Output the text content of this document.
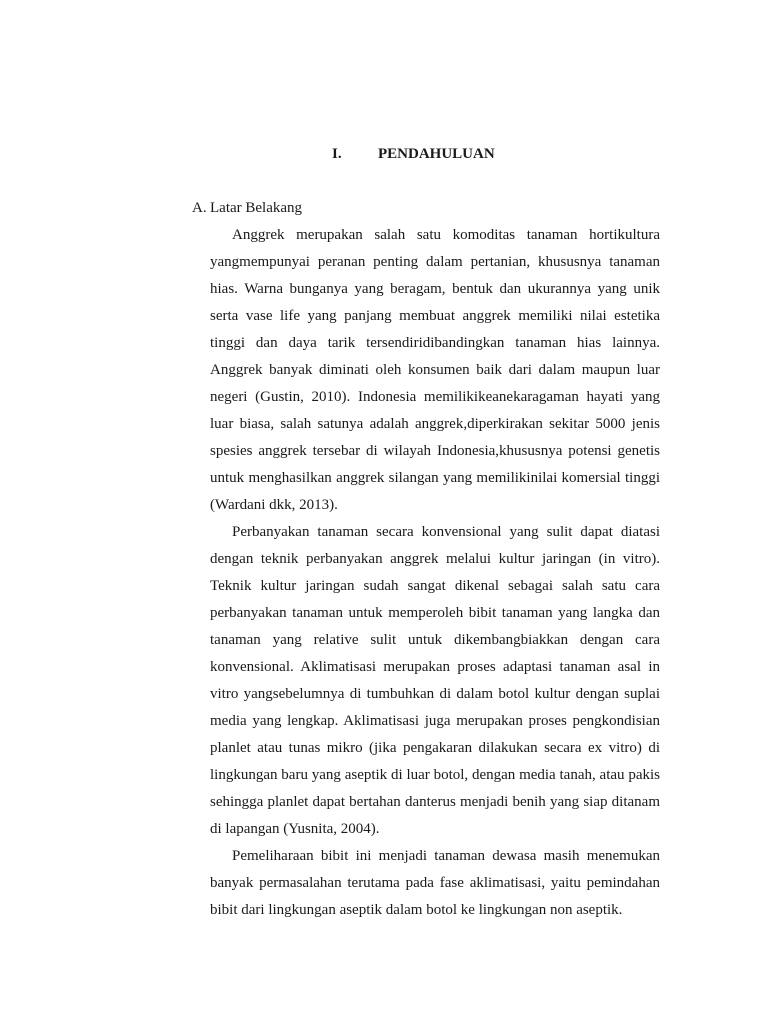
I. PENDAHULUAN
A. Latar Belakang

Anggrek merupakan salah satu komoditas tanaman hortikultura yangmempunyai peranan penting dalam pertanian, khususnya tanaman hias. Warna bunganya yang beragam, bentuk dan ukurannya yang unik serta vase life yang panjang membuat anggrek memiliki nilai estetika tinggi dan daya tarik tersendiridibandingkan tanaman hias lainnya. Anggrek banyak diminati oleh konsumen baik dari dalam maupun luar negeri (Gustin, 2010). Indonesia memilikikeanekaragaman hayati yang luar biasa, salah satunya adalah anggrek,diperkirakan sekitar 5000 jenis spesies anggrek tersebar di wilayah Indonesia,khususnya potensi genetis untuk menghasilkan anggrek silangan yang memilikinilai komersial tinggi (Wardani dkk, 2013).

Perbanyakan tanaman secara konvensional yang sulit dapat diatasi dengan teknik perbanyakan anggrek melalui kultur jaringan (in vitro). Teknik kultur jaringan sudah sangat dikenal sebagai salah satu cara perbanyakan tanaman untuk memperoleh bibit tanaman yang langka dan tanaman yang relative sulit untuk dikembangbiakkan dengan cara konvensional. Aklimatisasi merupakan proses adaptasi tanaman asal in vitro yangsebelumnya di tumbuhkan di dalam botol kultur dengan suplai media yang lengkap. Aklimatisasi juga merupakan proses pengkondisian planlet atau tunas mikro (jika pengakaran dilakukan secara ex vitro) di lingkungan baru yang aseptik di luar botol, dengan media tanah, atau pakis sehingga planlet dapat bertahan danterus menjadi benih yang siap ditanam di lapangan (Yusnita, 2004).

Pemeliharaan bibit ini menjadi tanaman dewasa masih menemukan banyak permasalahan terutama pada fase aklimatisasi, yaitu pemindahan bibit dari lingkungan aseptik dalam botol ke lingkungan non aseptik.
